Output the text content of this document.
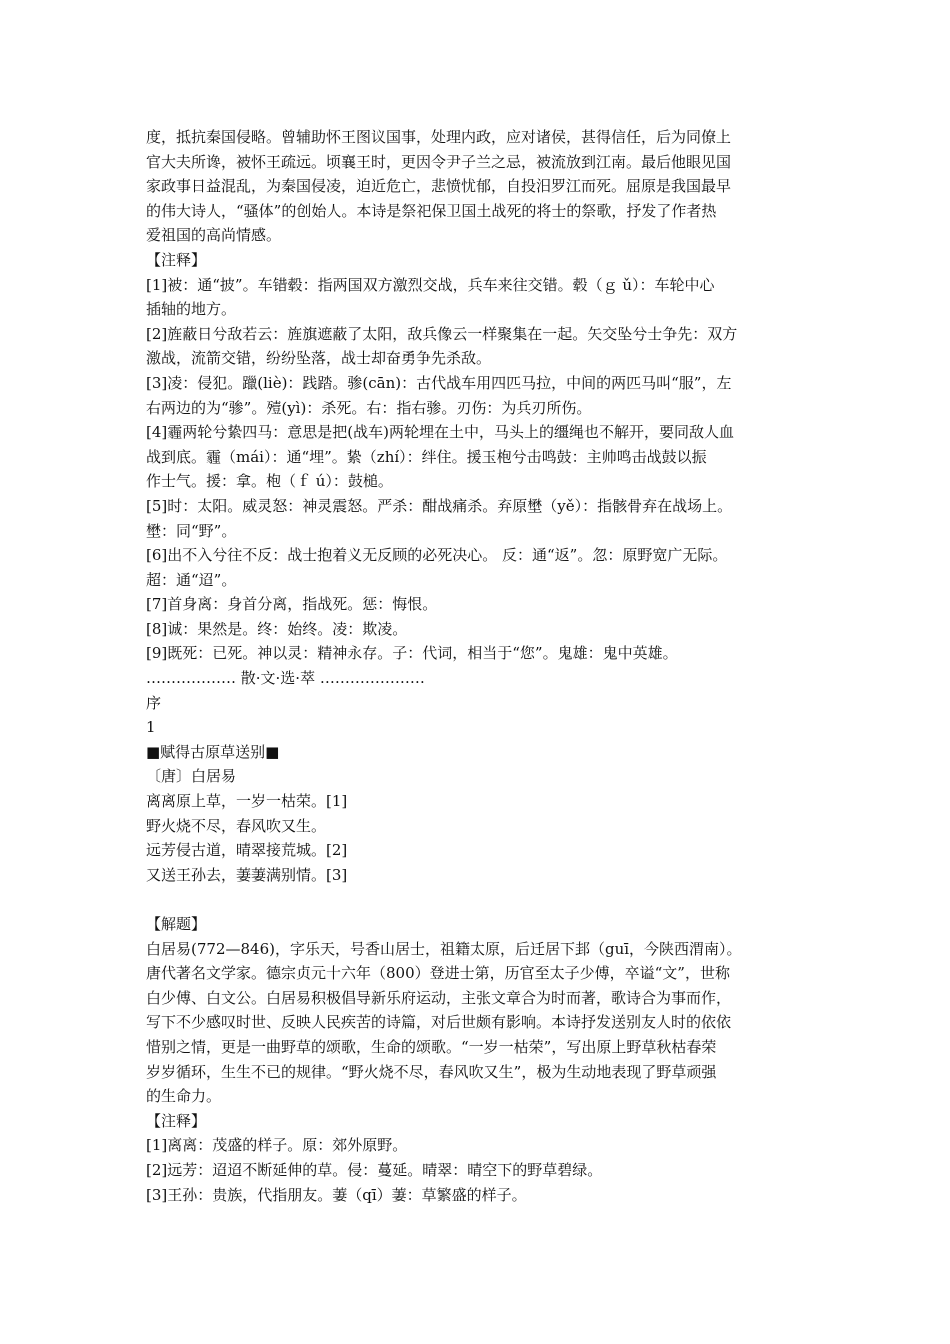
度，抵抗秦国侵略。曾辅助怀王图议国事，处理内政，应对诸侯，甚得信任，后为同僚上
官大夫所谗，被怀王疏远。顷襄王时，更因令尹子兰之忌，被流放到江南。最后他眼见国
家政事日益混乱，为秦国侵凌，迫近危亡，悲愤忧郁，自投汨罗江而死。屈原是我国最早
的伟大诗人，“骚体”的创始人。本诗是祭祀保卫国土战死的将士的祭歌，抒发了作者热
爱祖国的高尚情感。
【注释】
[1]被：通“披”。车错毂：指两国双方激烈交战，兵车来往交错。毂（ｇ ǔ）：车轮中心
插轴的地方。
[2]旌蔽日兮敌若云：旌旗遮蔽了太阳，敌兵像云一样聚集在一起。矢交坠兮士争先：双方
激战，流箭交错，纷纷坠落，战士却奋勇争先杀敌。
[3]凌：侵犯。躐(liè)：践踏。骖(cān)：古代战车用四匹马拉，中间的两匹马叫“服”，左
右两边的为“骖”。殪(yì)：杀死。右：指右骖。刃伤：为兵刃所伤。
[4]霾两轮兮絷四马：意思是把(战车)两轮埋在土中，马头上的缰绳也不解开，要同敌人血
战到底。霾（mái）：通“埋”。絷（zhí）：绊住。援玉枹兮击鸣鼓：主帅鸣击战鼓以振
作士气。援：拿。枹（ｆ ú）：鼓槌。
[5]时：太阳。威灵怒：神灵震怒。严杀：酣战痛杀。弃原壄（yě）：指骸骨弃在战场上。
壄：同“野”。
[6]出不入兮往不反：战士抱着义无反顾的必死决心。 反：通“返”。忽：原野宽广无际。
超：通“迢”。
[7]首身离：身首分离，指战死。惩：悔恨。
[8]诚：果然是。终：始终。凌：欺凌。
[9]既死：已死。神以灵：精神永存。子：代词，相当于“您”。鬼雄：鬼中英雄。
……………… 散·文·选·萃 …………………
序
1
■赋得古原草送别■
〔唐〕白居易
离离原上草，一岁一枯荣。[1]
野火烧不尽，春风吹又生。
远芳侵古道，晴翠接荒城。[2]
又送王孙去，萋萋满别情。[3]
【解题】
白居易(772—846)，字乐天，号香山居士，祖籍太原，后迁居下邽（guī，今陕西渭南）。
唐代著名文学家。德宗贞元十六年（800）登进士第，历官至太子少傅，卒谥“文”，世称
白少傅、白文公。白居易积极倡导新乐府运动，主张文章合为时而著，歌诗合为事而作，
写下不少感叹时世、反映人民疾苦的诗篇，对后世颇有影响。本诗抒发送别友人时的依依
惜别之情，更是一曲野草的颂歌，生命的颂歌。“一岁一枯荣”，写出原上野草秋枯春荣
岁岁循环，生生不已的规律。“野火烧不尽，春风吹又生”，极为生动地表现了野草顽强
的生命力。
【注释】
[1]离离：茂盛的样子。原：郊外原野。
[2]远芳：迢迢不断延伸的草。侵：蔓延。晴翠：晴空下的野草碧绿。
[3]王孙：贵族，代指朋友。萋（qī）萋：草繁盛的样子。
